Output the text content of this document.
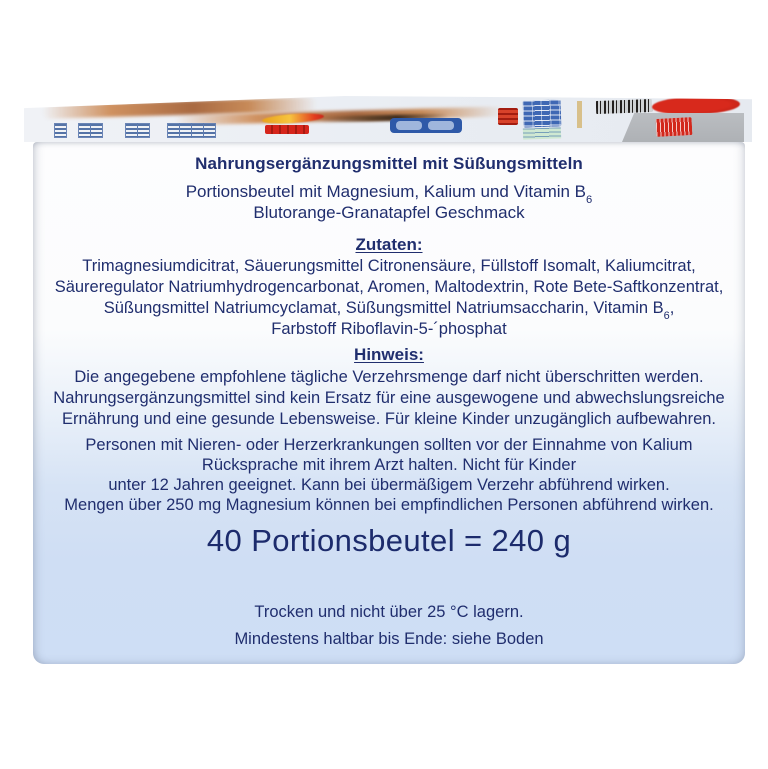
Nahrungsergänzungsmittel mit Süßungsmitteln
Portionsbeutel mit Magnesium, Kalium und Vitamin $B_6$
Blutorange-Granatapfel Geschmack
Zutaten:
Trimagnesiumdicitrat, Säuerungsmittel Citronensäure, Füllstoff Isomalt, Kaliumcitrat,
Säureregulator Natriumhydrogencarbonat, Aromen, Maltodextrin, Rote Bete-Saftkonzentrat,
Süßungsmittel Natriumcyclamat, Süßungsmittel Natriumsaccharin, Vitamin $B_6$,
Farbstoff Riboflavin-5-´phosphat
Hinweis:
Die angegebene empfohlene tägliche Verzehrsmenge darf nicht überschritten werden.
Nahrungsergänzungsmittel sind kein Ersatz für eine ausgewogene und abwechslungsreiche
Ernährung und eine gesunde Lebensweise. Für kleine Kinder unzugänglich aufbewahren.
Personen mit Nieren- oder Herzerkrankungen sollten vor der Einnahme von Kalium
Rücksprache mit ihrem Arzt halten. Nicht für Kinder
unter 12 Jahren geeignet. Kann bei übermäßigem Verzehr abführend wirken.
Mengen über 250 mg Magnesium können bei empfindlichen Personen abführend wirken.
40 Portionsbeutel = 240 g
Trocken und nicht über 25 °C lagern.
Mindestens haltbar bis Ende: siehe Boden
